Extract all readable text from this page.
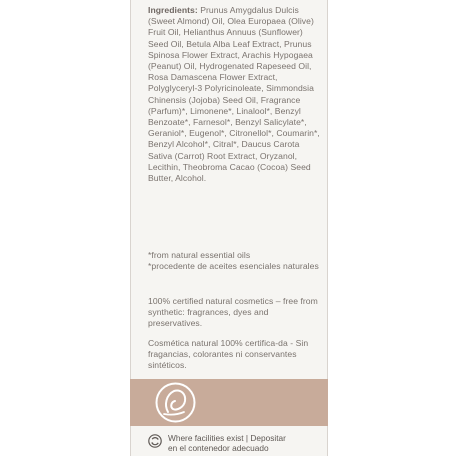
Ingredients: Prunus Amygdalus Dulcis (Sweet Almond) Oil, Olea Europaea (Olive) Fruit Oil, Helianthus Annuus (Sunflower) Seed Oil, Betula Alba Leaf Extract, Prunus Spinosa Flower Extract, Arachis Hypogaea (Peanut) Oil, Hydrogenated Rapeseed Oil, Rosa Damascena Flower Extract, Polyglyceryl-3 Polyricinoleate, Simmondsia Chinensis (Jojoba) Seed Oil, Fragrance (Parfum)*, Limonene*, Linalool*, Benzyl Benzoate*, Farnesol*, Benzyl Salicylate*, Geraniol*, Eugenol*, Citronellol*, Coumarin*, Benzyl Alcohol*, Citral*, Daucus Carota Sativa (Carrot) Root Extract, Oryzanol, Lecithin, Theobroma Cacao (Cocoa) Seed Butter, Alcohol.
*from natural essential oils
*procedente de aceites esenciales naturales
100% certified natural cosmetics – free from synthetic: fragrances, dyes and preservatives.
Cosmética natural 100% certifica-da - Sin fragancias, colorantes ni conservantes sintéticos.
Where facilities exist | Depositar
en el contenedor adecuado
